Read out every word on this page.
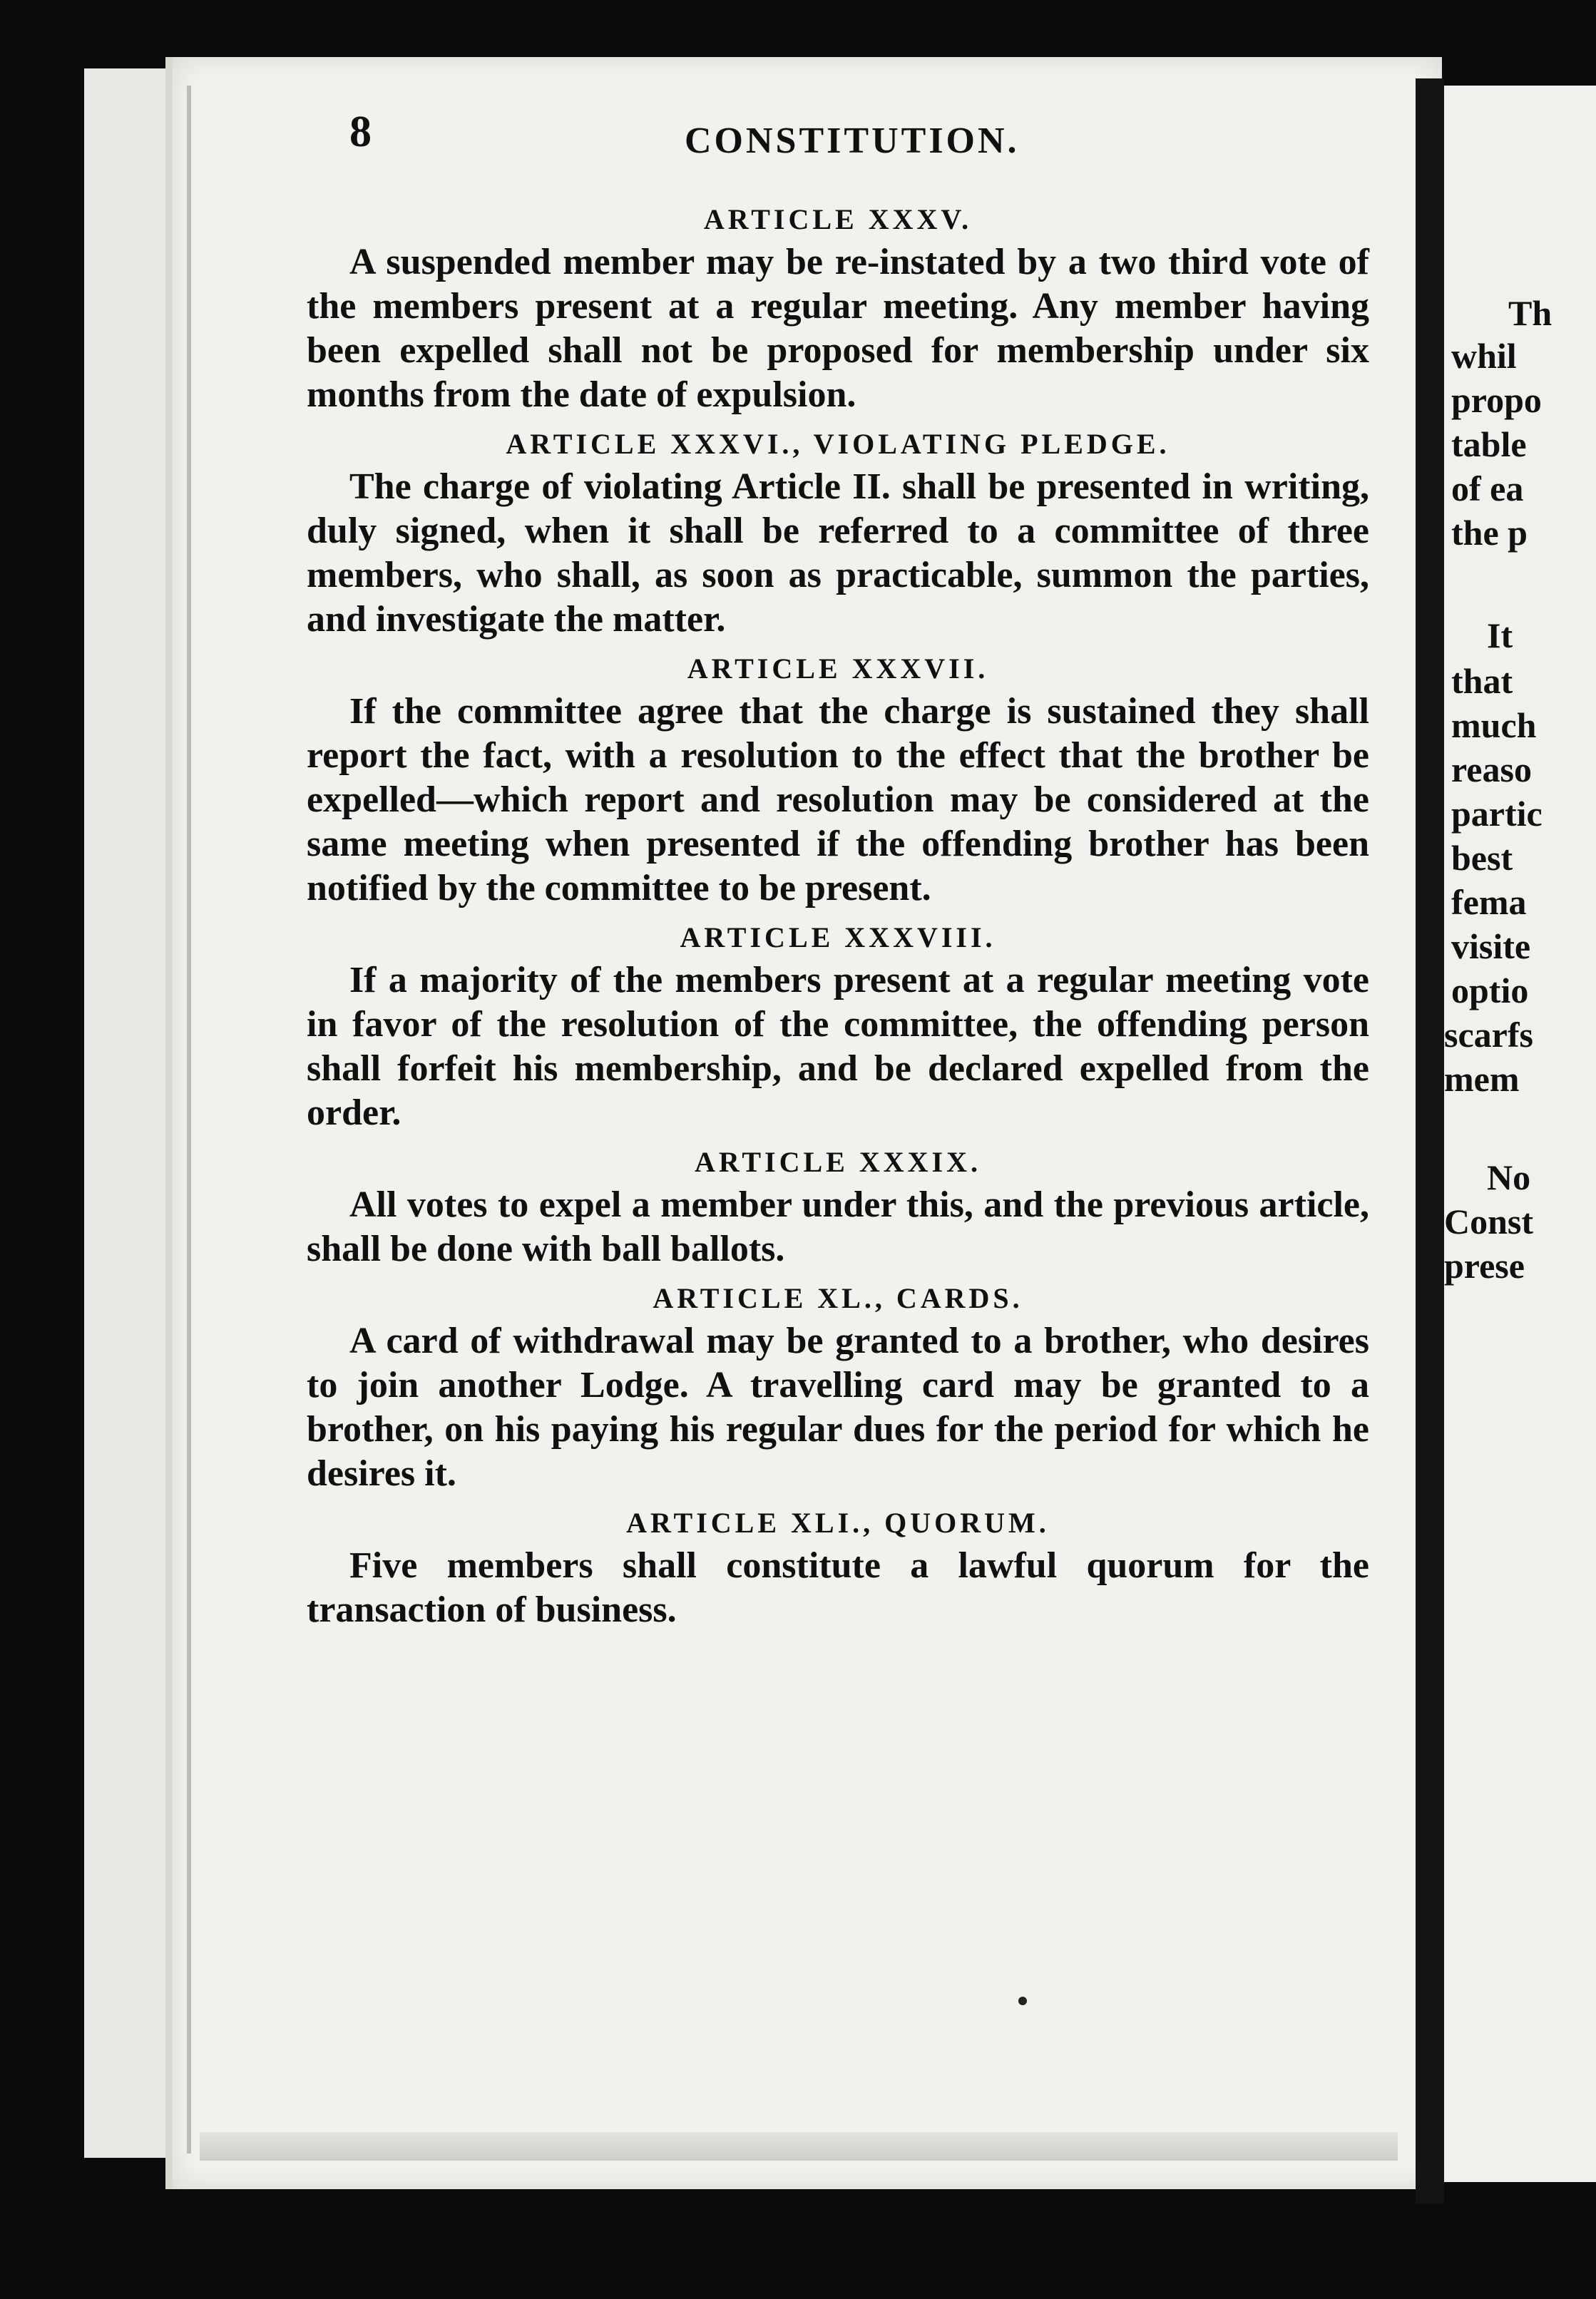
Th
whil
propo
table
of ea
the p
It
that
much
reaso
partic
best
fema
visite
optio
scarfs
mem
No
Const
prese
8	CONSTITUTION.
ARTICLE XXXV.

A suspended member may be re-instated by a two third vote of the members present at a regular meeting. Any member having been expelled shall not be proposed for membership under six months from the date of expulsion.

ARTICLE XXXVI., VIOLATING PLEDGE.

The charge of violating Article II. shall be presented in writing, duly signed, when it shall be referred to a committee of three members, who shall, as soon as practicable, summon the parties, and investigate the matter.

ARTICLE XXXVII.

If the committee agree that the charge is sustained they shall report the fact, with a resolution to the effect that the brother be expelled—which report and resolution may be considered at the same meeting when presented if the offending brother has been notified by the committee to be present.

ARTICLE XXXVIII.

If a majority of the members present at a regular meeting vote in favor of the resolution of the committee, the offending person shall forfeit his membership, and be declared expelled from the order.

ARTICLE XXXIX.

All votes to expel a member under this, and the previous article, shall be done with ball ballots.

ARTICLE XL., CARDS.

A card of withdrawal may be granted to a brother, who desires to join another Lodge. A travelling card may be granted to a brother, on his paying his regular dues for the period for which he desires it.

ARTICLE XLI., QUORUM.

Five members shall constitute a lawful quorum for the transaction of business.
